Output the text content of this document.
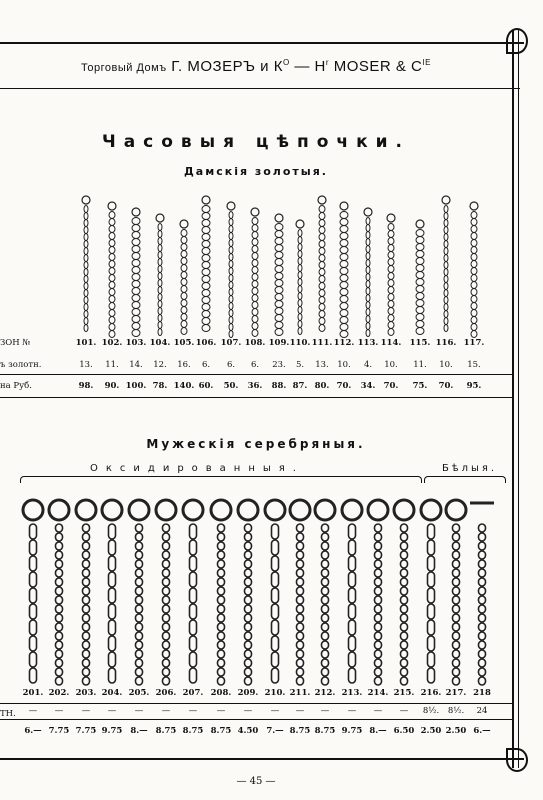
Торговый Домъ Г. МОЗЕРЪ и $К^О$ — $H^r$ MOSER & $C^{IE}$
Часовыя цѣпочки.
Дамскія золотыя.
ЗОН №
ъ золотн.
на Руб.
101. 102. 103. 104. 105. 106. 107. 108. 109. 110. 111. 112. 113. 114. 115. 116. 117.
13.	11.	14.	12.	16.	6.	6.	6.	23.	5.	13. 10.	4.	10.	11.	10.	15.
98.	90. 100. 78. 140. 60.	50.	36.	88. 87. 80. 70.	34. 70.	75.	70.	95.
Мужескія серебряныя.
Оксидированныя.	Бѣлыя.
ТН.
201. 202. 203. 204. 205. 206. 207. 208. 209. 210. 211. 212. 213. 214. 215. 216. 217. 218
—	—	—	—	—	—	—	—	—	—	—	—	—	—	—	8½.	8½.	24
6.— 7.75 7.75 9.75 8.— 8.75 8.75 8.75 4.50 7.— 8.75 8.75 9.75 8.— 6.50 2.50 2.50 6.—
— 45 —
